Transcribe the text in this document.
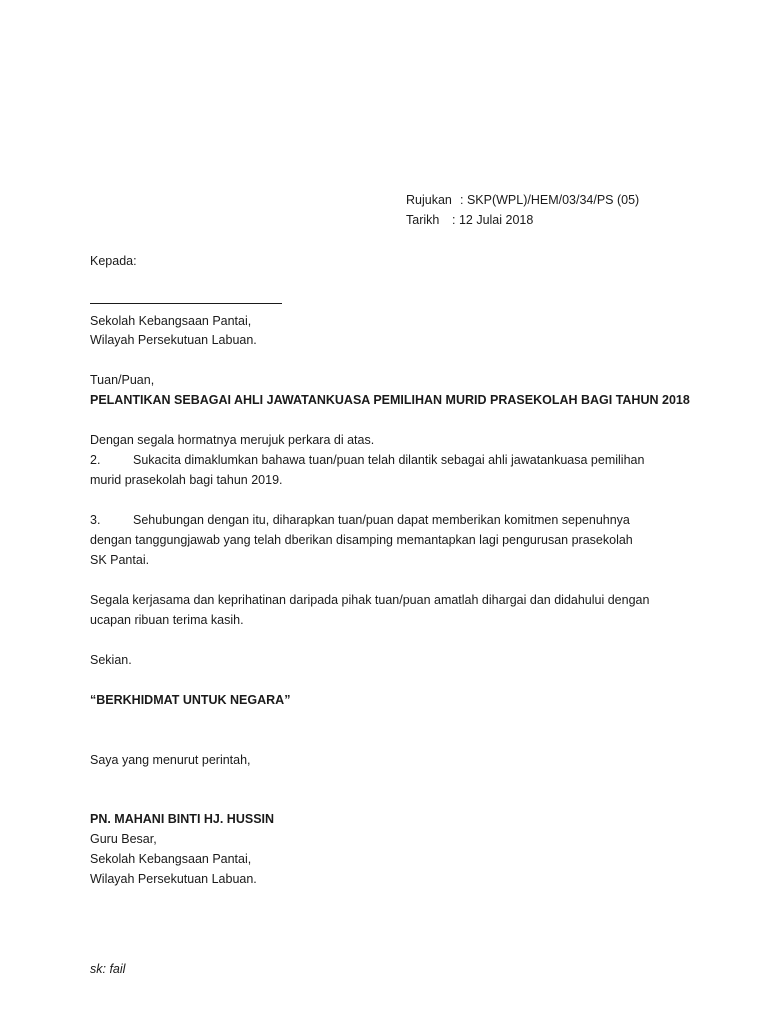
Rujukan : SKP(WPL)/HEM/03/34/PS (05)
Tarikh : 12 Julai 2018
Kepada:
Sekolah Kebangsaan Pantai,
Wilayah Persekutuan Labuan.
Tuan/Puan,
PELANTIKAN SEBAGAI AHLI JAWATANKUASA PEMILIHAN MURID PRASEKOLAH BAGI TAHUN 2018
Dengan segala hormatnya merujuk perkara di atas.
2.	Sukacita dimaklumkan bahawa tuan/puan telah dilantik sebagai ahli jawatankuasa pemilihan
murid prasekolah bagi tahun 2019.
3.	Sehubungan dengan itu, diharapkan tuan/puan dapat memberikan komitmen sepenuhnya
dengan tanggungjawab yang telah dberikan disamping memantapkan lagi pengurusan prasekolah
SK Pantai.
Segala kerjasama dan keprihatinan daripada pihak tuan/puan amatlah dihargai dan didahului dengan
ucapan ribuan terima kasih.
Sekian.
“BERKHIDMAT UNTUK NEGARA”
Saya yang menurut perintah,
PN. MAHANI BINTI HJ. HUSSIN
Guru Besar,
Sekolah Kebangsaan Pantai,
Wilayah Persekutuan Labuan.
sk: fail
